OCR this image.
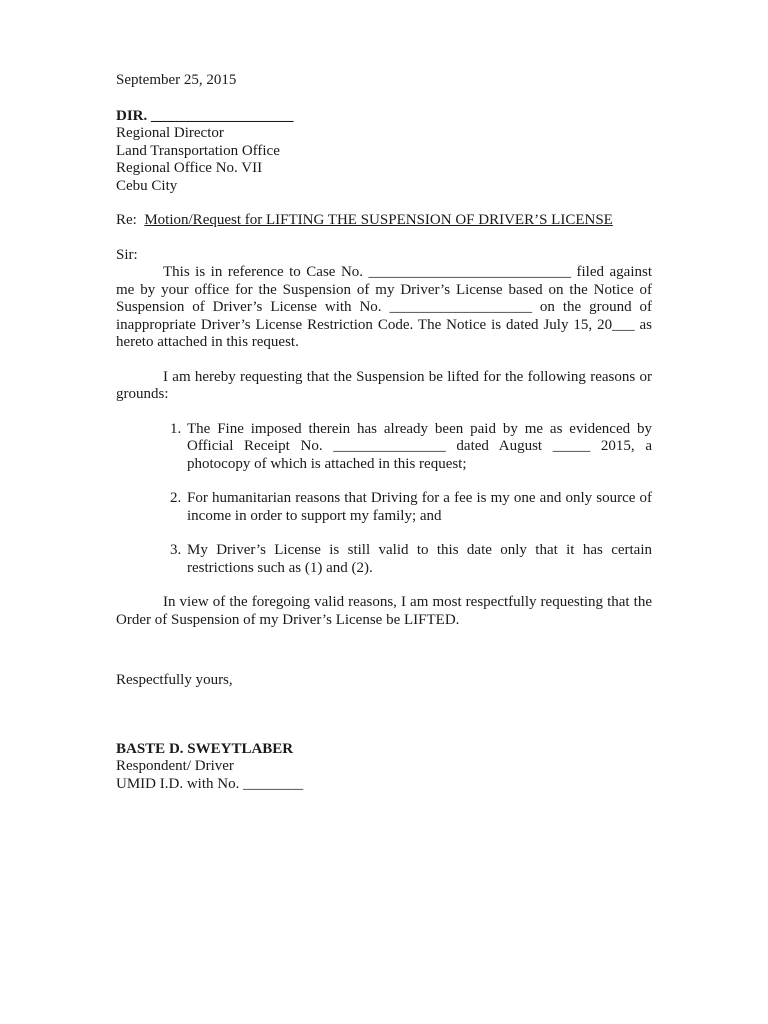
September 25, 2015
DIR. ___________________
Regional Director
Land Transportation Office
Regional Office No. VII
Cebu City
Re: Motion/Request for LIFTING THE SUSPENSION OF DRIVER’S LICENSE
Sir:

This is in reference to Case No. ___________________________ filed against me by your office for the Suspension of my Driver’s License based on the Notice of Suspension of Driver’s License with No. ___________________ on the ground of inappropriate Driver’s License Restriction Code. The Notice is dated July 15, 20___ as hereto attached in this request.

I am hereby requesting that the Suspension be lifted for the following reasons or grounds:

1. The Fine imposed therein has already been paid by me as evidenced by Official Receipt No. _______________ dated August _____ 2015, a photocopy of which is attached in this request;
2. For humanitarian reasons that Driving for a fee is my one and only source of income in order to support my family; and
3. My Driver’s License is still valid to this date only that it has certain restrictions such as (1) and (2).

In view of the foregoing valid reasons, I am most respectfully requesting that the Order of Suspension of my Driver’s License be LIFTED.

Respectfully yours,
BASTE D. SWEYTLABER
Respondent/ Driver
UMID I.D. with No. ________
